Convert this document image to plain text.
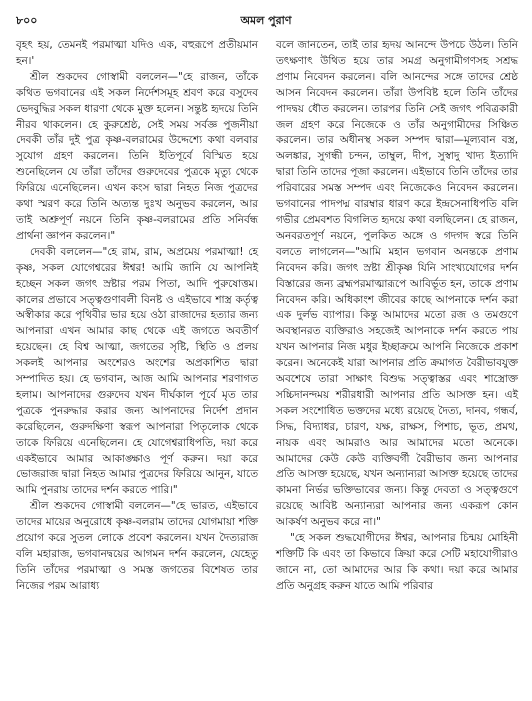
৮০০	অমল পুরাণ

বৃহৎ হয়, তেমনই পরমাত্মা যদিও এক, বহুরূপে প্রতীয়মান হন।'

শ্রীল শুকদেব গোস্বামী বললেন—"হে রাজন, তাঁকে কথিত ভগবানের এই সকল নির্দেশসমূহ শ্রবণ করে বসুদেব ভেদবুদ্ধির সকল ধারণা থেকে মুক্ত হলেন। সন্তুষ্ট হৃদয়ে তিনি নীরব থাকলেন। হে কুরুশ্রেষ্ঠ, সেই সময় সর্বজ্ঞ পুজনীয়া দেবকী তাঁর দুই পুত্র কৃষ্ণ-বলরামের উদ্দেশ্যে কথা বলবার সুযোগ গ্রহণ করলেন। তিনি ইতিপূর্বে বিস্মিত হয়ে শুনেছিলেন যে তাঁরা তাঁদের গুরুদেবের পুত্রকে মৃত্যু থেকে ফিরিয়ে এনেছিলেন। এখন কংস দ্বারা নিহত নিজ পুত্রদের কথা স্মরণ করে তিনি অত্যন্ত দুঃখ অনুভব করলেন, আর তাই অশ্রুপূর্ণ নয়নে তিনি কৃষ্ণ-বলরামের প্রতি সনির্বন্ধ প্রার্থনা জ্ঞাপন করলেন।"

দেবকী বললেন—"হে রাম, রাম, অপ্রমেয় পরমাত্মা! হে কৃষ্ণ, সকল যোগেশ্বরের ঈশ্বর! আমি জানি যে আপনিই হচ্ছেন সকল জগৎ স্রষ্টার পরম পিতা, আদি পুরুষোত্তম। কালের প্রভাবে সত্ত্বগুণাবলী বিনষ্ট ও এইভাবে শাস্ত্র কর্তৃত্ব অস্বীকার করে পৃথিবীর ভার হয়ে ওঠা রাজাদের হত্যার জন্য আপনারা এখন আমার কাছ থেকে এই জগতে অবতীর্ণ হয়েছেন। হে বিশ্ব আত্মা, জগতের সৃষ্টি, স্থিতি ও প্রলয় সকলই আপনার অংশেরও অংশের অপ্রকাশিত দ্বারা সম্পাদিত হয়। হে ভগবান, আজ আমি আপনার শরণাগত হলাম। আপনাদের গুরুদেব যখন দীর্ঘকাল পূর্বে মৃত তার পুত্রকে পুনরুদ্ধার করার জন্য আপনাদের নির্দেশ প্রদান করেছিলেন, গুরুদক্ষিণা স্বরূপ আপনারা পিতৃলোক থেকে তাকে ফিরিয়ে এনেছিলেন। হে যোগেশ্বরাধিপতি, দয়া করে একইভাবে আমার আকাঙ্ক্ষাও পূর্ণ করুন। দয়া করে ভোজরাজ দ্বারা নিহত আমার পুত্রদের ফিরিয়ে আনুন, যাতে আমি পুনরায় তাদের দর্শন করতে পারি।"

শ্রীল শুকদেব গোস্বামী বললেন—"হে ভারত, এইভাবে তাদের মায়ের অনুরোধে কৃষ্ণ-বলরাম তাদের যোগমায়া শক্তি প্রয়োগ করে সুতল লোকে প্রবেশ করলেন। যখন দৈত্যরাজ বলি মহারাজ, ভগবানদ্বয়ের আগমন দর্শন করলেন, যেহেতু তিনি তাঁদের পরমাত্মা ও সমস্ত জগতের বিশেষত তার নিজের পরম আরাধ্য

বলে জানতেন, তাই তার হৃদয় আনন্দে উপচে উঠল। তিনি তৎক্ষণাৎ উথিত হয়ে তার সমগ্র অনুগামীগণসহ সশ্রদ্ধ প্রণাম নিবেদন করলেন। বলি আনন্দের সঙ্গে তাদের শ্রেষ্ঠ আসন নিবেদন করলেন। তাঁরা উপবিষ্ট হলে তিনি তাঁদের পাদদ্বয় ধৌত করলেন। তারপর তিনি সেই জগৎ পবিত্রকারী জল গ্রহণ করে নিজেকে ও তাঁর অনুগামীদের সিঞ্চিত করলেন। তার অধীনস্থ সকল সম্পদ দ্বারা—মূল্যবান বস্ত্র, অলঙ্কার, সুগন্ধী চন্দন, তাম্বুল, দীপ, সুস্বাদু খাদ্য ইত্যাদি দ্বারা তিনি তাদের পূজা করলেন। এইভাবে তিনি তাঁদের তার পরিবারের সমস্ত সম্পদ এবং নিজেকেও নিবেদন করলেন। ভগবানের পাদপদ্ম বারম্বার ধারণ করে ইন্দ্রসেনাধিপতি বলি গভীর প্রেমবশত বিগলিত হৃদয়ে কথা বলছিলেন। হে রাজন, অনবরতপূর্ণ নয়নে, পুলকিত অঙ্গে ও গদগদ স্বরে তিনি বলতে লাগলেন—"আমি মহান ভগবান অনন্তকে প্রণাম নিবেদন করি। জগৎ স্রষ্টা শ্রীকৃষ্ণ যিনি সাংখ্যযোগের দর্শন বিস্তারের জন্য ব্রহ্মপরমাত্মারূপে আবির্ভূত হন, তাকে প্রণাম নিবেদন করি। অধিকাংশ জীবের কাছে আপনাকে দর্শন করা এক দুর্লভ ব্যাপার। কিন্তু আমাদের মতো রজ ও তমগুণে অবস্থানরত ব্যক্তিরাও সহজেই আপনাকে দর্শন করতে পায় যখন আপনার নিজ মধুর ইচ্ছাক্রমে আপনি নিজেকে প্রকাশ করেন। অনেকেই যারা আপনার প্রতি ক্রমাগত বৈরীভাবযুক্ত অবশেষে তারা সাক্ষাৎ বিশুদ্ধ সত্ত্বাস্তর এবং শাস্ত্রোক্ত সচ্চিদানন্দময় শরীরধারী আপনার প্রতি আসক্ত হন। এই সকল সংশোধিত ভক্তদের মধ্যে রয়েছে দৈত্য, দানব, গন্ধর্ব, সিদ্ধ, বিদ্যাধর, চারণ, যক্ষ, রাক্ষস, পিশাচ, ভূত, প্রমথ, নায়ক এবং আমরাও আর আমাদের মতো অনেকে। আমাদের কেউ কেউ ব্যক্তিবর্গী বৈরীভাব জন্য আপনার প্রতি আসক্ত হয়েছে, যখন অন্যান্যরা আসক্ত হয়েছে তাদের কামনা নির্ভর ভক্তিভাবের জন্য। কিন্তু দেবতা ও সত্ত্বগুণে রয়েছে আবিষ্ট অন্যান্যরা আপনার জন্য একরূপ কোন আকর্ষণ অনুভব করে না।"

"হে সকল শুদ্ধযোগীদের ঈশ্বর, আপনার চিন্ময় মোহিনী শক্তিটি কি এবং তা কিভাবে ক্রিয়া করে সেটি মহাযোগীরাও জানে না, তো আমাদের আর কি কথা। দয়া করে আমার প্রতি অনুগ্রহ করুন যাতে আমি পরিবার
